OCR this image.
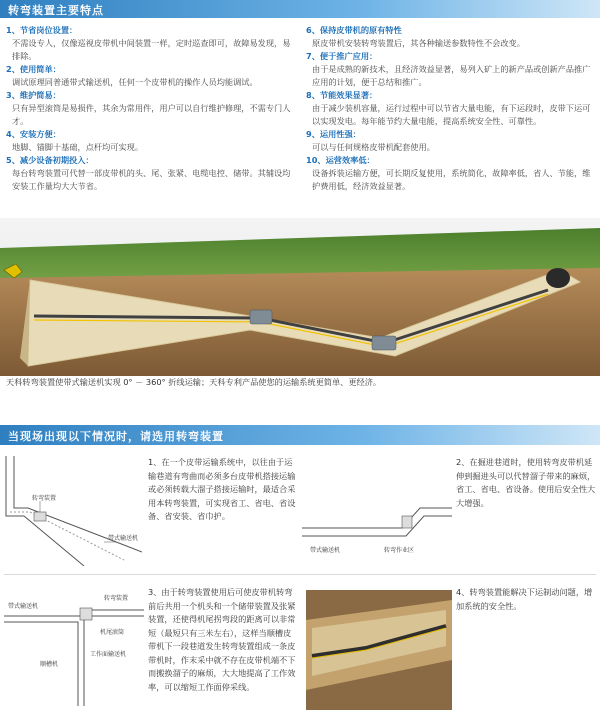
转弯装置主要特点
1、节省岗位设置：
不需设专人，仅像巡视皮带机中间装置一样，定时巡查即可，故障易发现，易排除。
2、使用简单：
调试原理同普通带式输送机，任何一个皮带机的操作人员均能调试。
3、维护简易：
只有异型滚筒是易损件，其余为常用件，用户可以自行维护修理，不需专门人才。
4、安装方便：
地脚、锚脚十基础，点杆均可实现。
5、减少设备初期投入：
每台转弯装置可代替一部皮带机的头、尾、张紧、电缆电控、储带。其辅设均安装工作量均大大节省。
6、保持皮带机的原有特性
原皮带机安装转弯装置后，其各种输送参数特性不会改变。
7、便于推广应用：
由于是成熟的新技术，且经济效益显著，易列入矿上的新产品或创新产品推广应用的计划，便于总结和推广。
8、节能效果显著：
由于减少装机容量，运行过程中可以节省大量电能，有下运段时，皮带下运可以实现发电。每年能节约大量电能，提高系统安全性、可靠性。
9、运用性强：
可以与任何规格皮带机配套使用。
10、运营效率低：
设备拆装运输方便，可长期反复使用，系统简化，故障率低，省人、节能，维护费用低，经济效益显著。
天科转弯装置使带式输送机实现 0° － 360° 折线运输；天科专利产品使您的运输系统更简单、更经济。
当现场出现以下情况时，请选用转弯装置
转弯装置
带式输送机
1、在一个皮带运输系统中，以往由于运输巷道有弯曲而必须多台皮带机搭接运输或必须转载大溜子搭接运输时，最适合采用本转弯装置，可实现省工、省电、省设备、省安装、省巾护。
带式输送机	转弯作业区
2、在掘进巷道时，使用转弯皮带机延伸到掘进头可以代替溜子带来的麻烦，省工、省电、省设备。使用后安全性大大增强。
带式输送机
转弯装置
机尾滚筒
工作面输送机
顺槽机
3、由于转弯装置使用后可使皮带机转弯前后共用一个机头和一个储带装置及张紧装置，还使得机尾拐弯段的距离可以非常短（最短只有三米左右），这样当顺槽皮带机下一段巷道发生转弯装置组成一条皮带机时，作末采中就不存在皮带机端不下而搬换溜子的麻烦，大大地提高了工作效率，可以缩短工作面停采线。
4、转弯装置能解决下运制动问题，增加系统的安全性。
